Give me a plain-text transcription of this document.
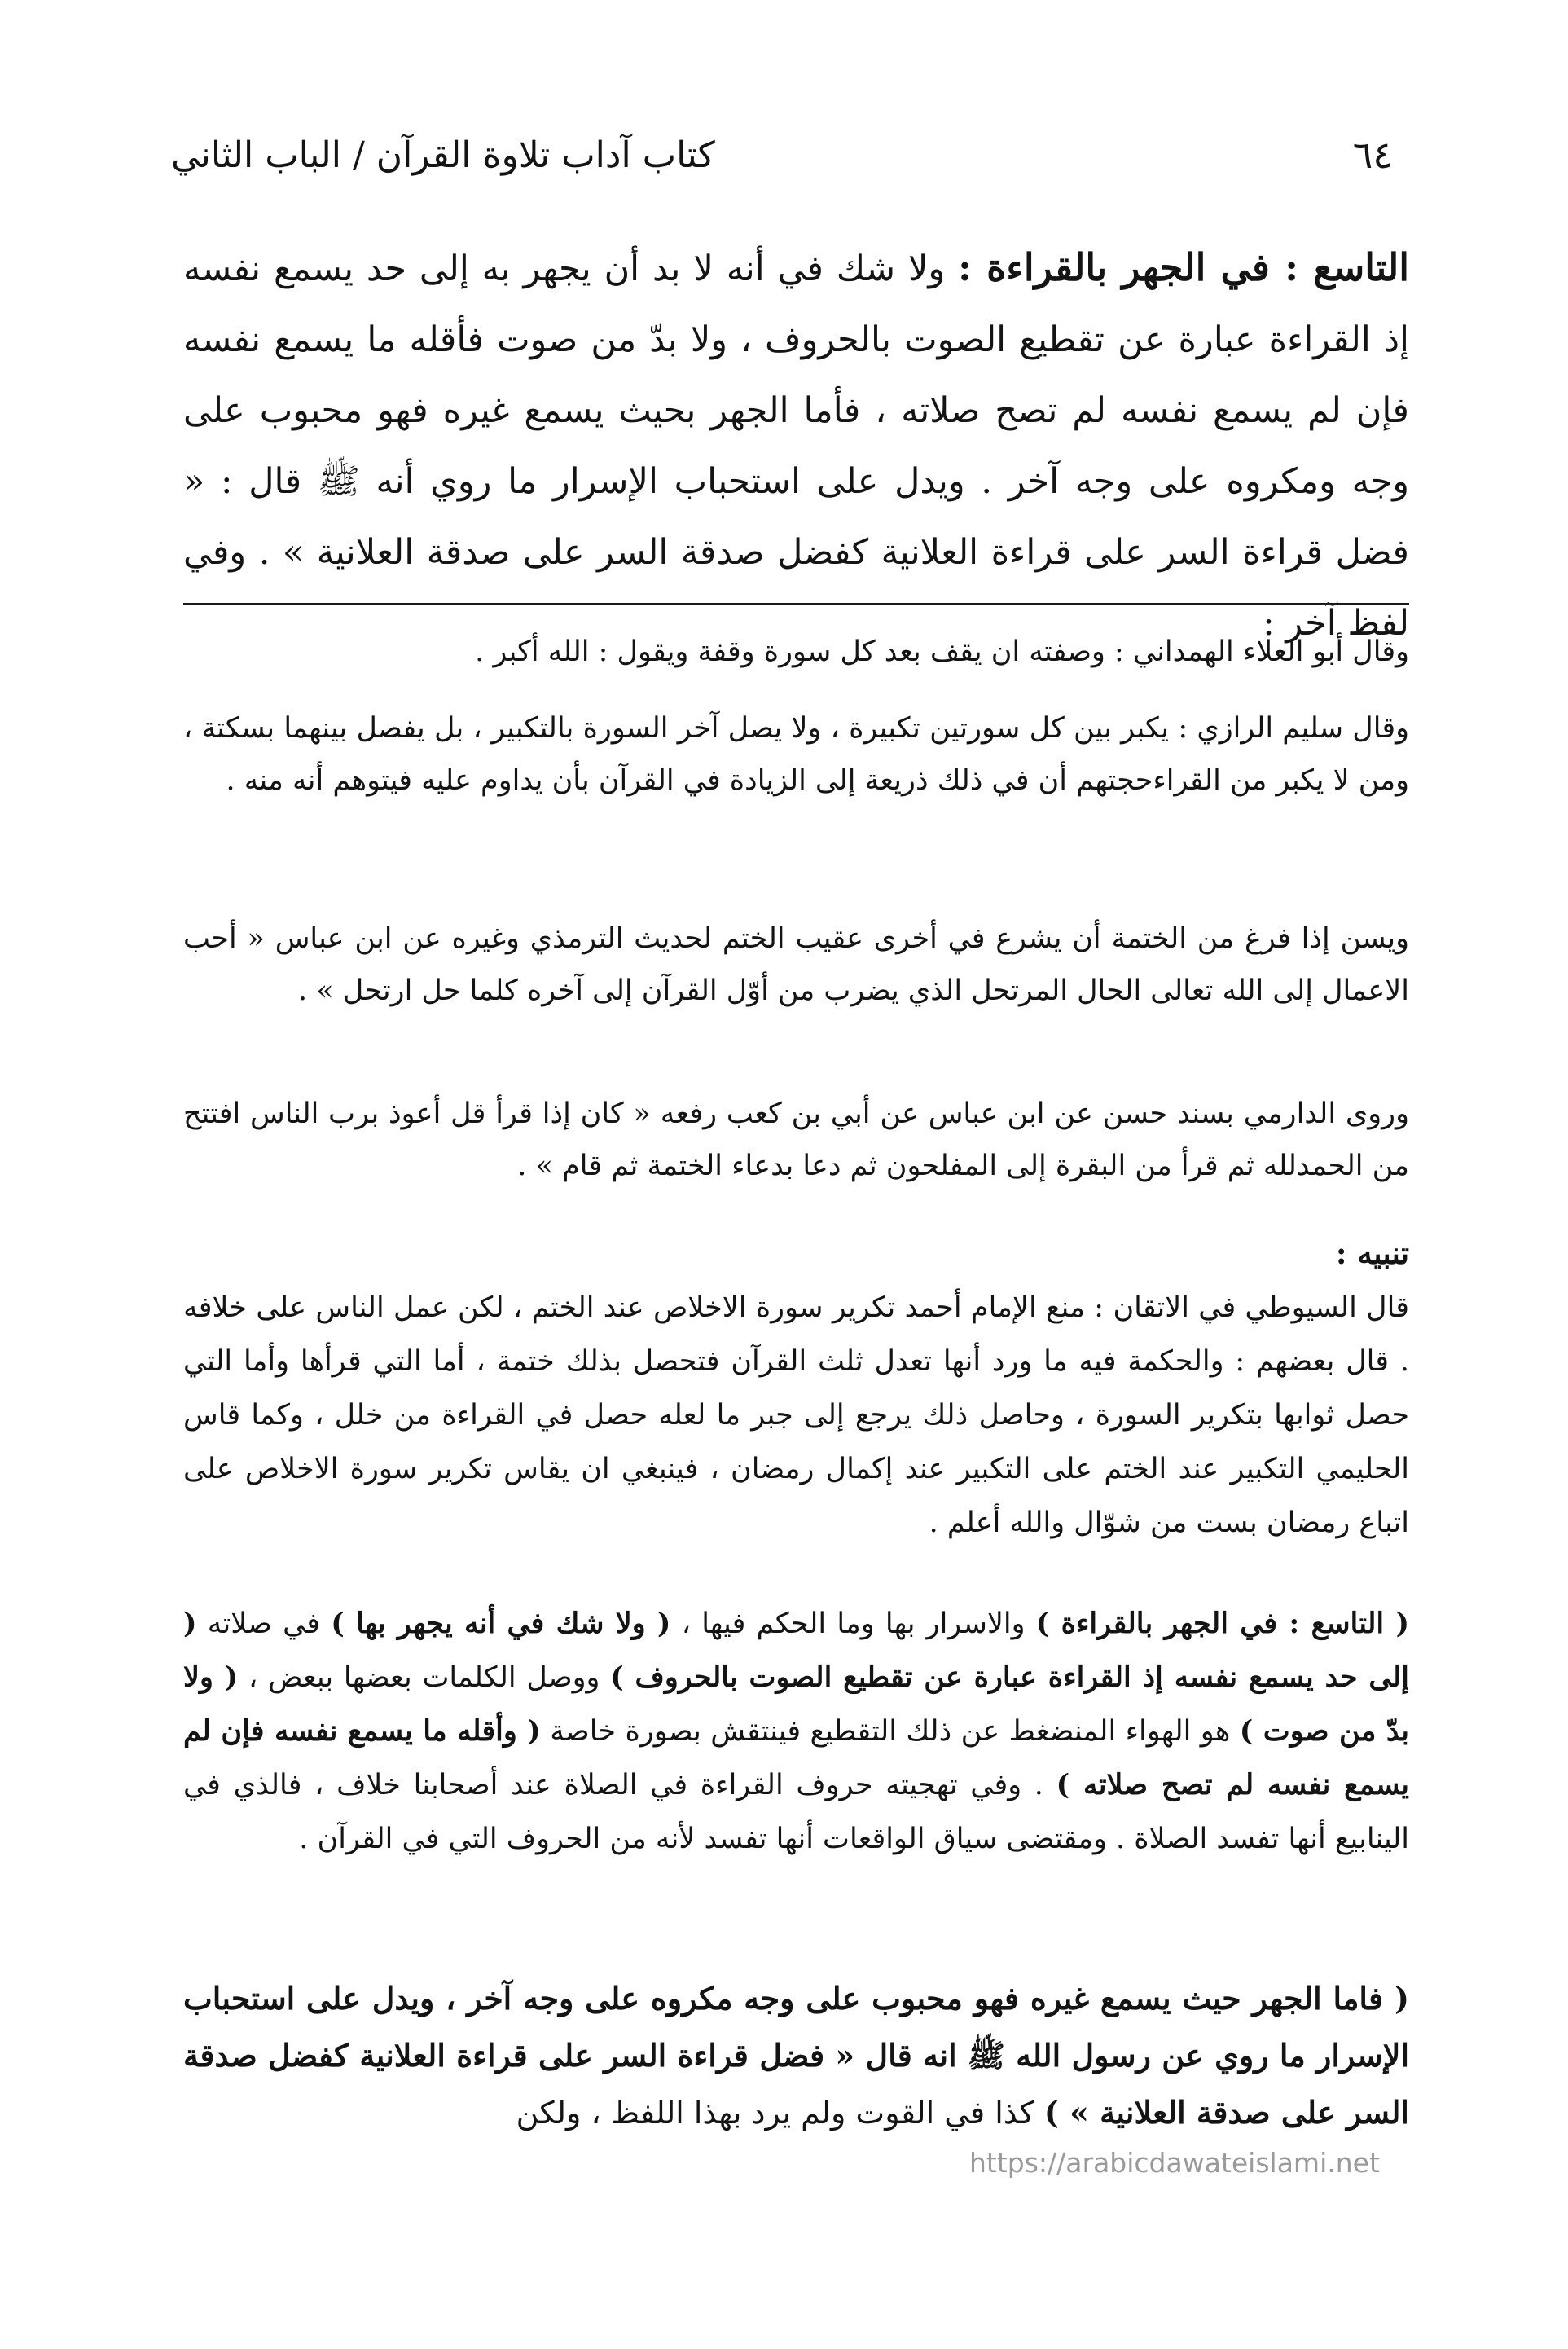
٦٤
كتاب آداب تلاوة القرآن / الباب الثاني

التاسع : في الجهر بالقراءة : ولا شك في أنه لا بد أن يجهر به إلى حد يسمع نفسه إذ القراءة عبارة عن تقطيع الصوت بالحروف ، ولا بدّ من صوت فأقله ما يسمع نفسه فإن لم يسمع نفسه لم تصح صلاته ، فأما الجهر بحيث يسمع غيره فهو محبوب على وجه ومكروه على وجه آخر . ويدل على استحباب الإسرار ما روي أنه ﷺ قال : « فضل قراءة السر على قراءة العلانية كفضل صدقة السر على صدقة العلانية » . وفي لفظ آخر :

وقال أبو العلاء الهمداني : وصفته ان يقف بعد كل سورة وقفة ويقول : الله أكبر .

وقال سليم الرازي : يكبر بين كل سورتين تكبيرة ، ولا يصل آخر السورة بالتكبير ، بل يفصل بينهما بسكتة ، ومن لا يكبر من القراءحجتهم أن في ذلك ذريعة إلى الزيادة في القرآن بأن يداوم عليه فيتوهم أنه منه .

ويسن إذا فرغ من الختمة أن يشرع في أخرى عقيب الختم لحديث الترمذي وغيره عن ابن عباس « أحب الاعمال إلى الله تعالى الحال المرتحل الذي يضرب من أوّل القرآن إلى آخره كلما حل ارتحل » .

وروى الدارمي بسند حسن عن ابن عباس عن أبي بن كعب رفعه « كان إذا قرأ قل أعوذ برب الناس افتتح من الحمدلله ثم قرأ من البقرة إلى المفلحون ثم دعا بدعاء الختمة ثم قام » .

تنبيه :

قال السيوطي في الاتقان : منع الإمام أحمد تكرير سورة الاخلاص عند الختم ، لكن عمل الناس على خلافه . قال بعضهم : والحكمة فيه ما ورد أنها تعدل ثلث القرآن فتحصل بذلك ختمة ، أما التي قرأها وأما التي حصل ثوابها بتكرير السورة ، وحاصل ذلك يرجع إلى جبر ما لعله حصل في القراءة من خلل ، وكما قاس الحليمي التكبير عند الختم على التكبير عند إكمال رمضان ، فينبغي ان يقاس تكرير سورة الاخلاص على اتباع رمضان بست من شوّال والله أعلم .

( التاسع : في الجهر بالقراءة ) والاسرار بها وما الحكم فيها ، ( ولا شك في أنه يجهر بها ) في صلاته ( إلى حد يسمع نفسه إذ القراءة عبارة عن تقطيع الصوت بالحروف ) ووصل الكلمات بعضها ببعض ، ( ولا بدّ من صوت ) هو الهواء المنضغط عن ذلك التقطيع فينتقش بصورة خاصة ( وأقله ما يسمع نفسه فإن لم يسمع نفسه لم تصح صلاته ) . وفي تهجيته حروف القراءة في الصلاة عند أصحابنا خلاف ، فالذي في الينابيع أنها تفسد الصلاة . ومقتضى سياق الواقعات أنها تفسد لأنه من الحروف التي في القرآن .

( فاما الجهر حيث يسمع غيره فهو محبوب على وجه مكروه على وجه آخر ، ويدل على استحباب الإسرار ما روي عن رسول الله ﷺ انه قال « فضل قراءة السر على قراءة العلانية كفضل صدقة السر على صدقة العلانية » ) كذا في القوت ولم يرد بهذا اللفظ ، ولكن

https://arabicdawateislami.net
